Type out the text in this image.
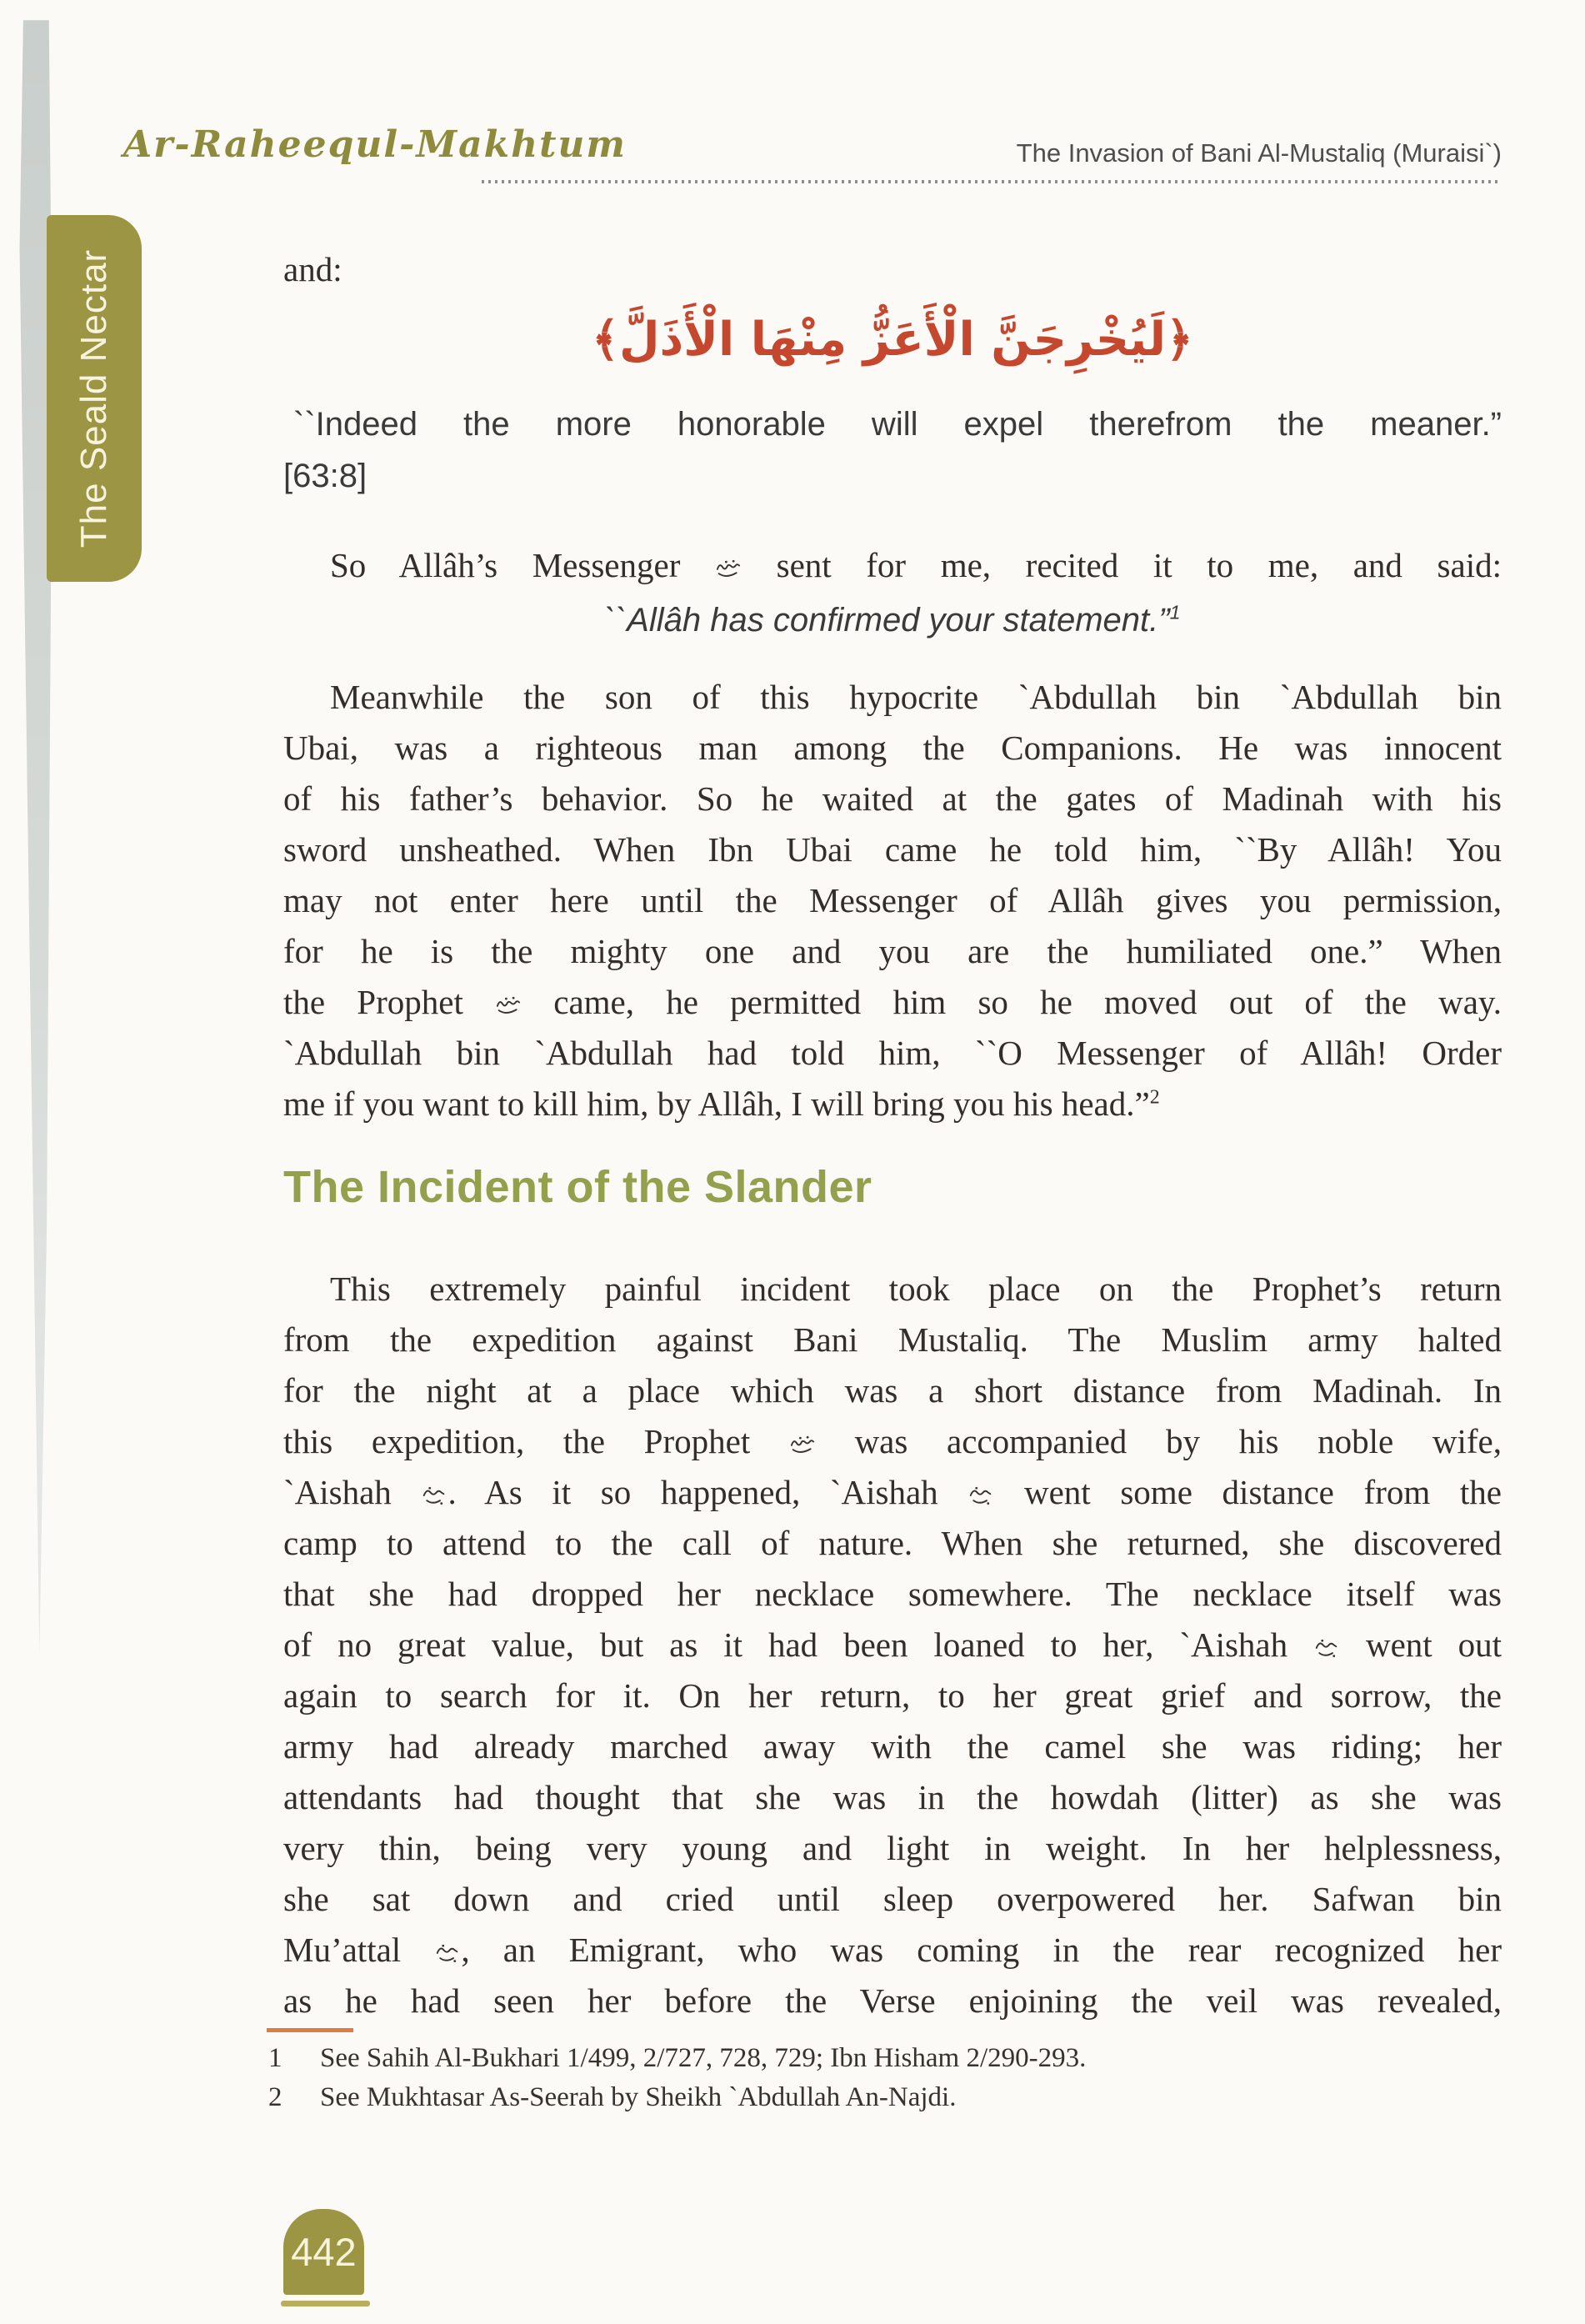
The Seald Nectar
Ar-Raheequl-Makhtum	The Invasion of Bani Al-Mustaliq (Muraisi`)
and:
﴿لَيُخْرِجَنَّ الْأَعَزُّ مِنْهَا الْأَذَلَّ﴾
``Indeed the more honorable will expel therefrom the meaner.”
[63:8]
So Allâh’s Messenger  sent for me, recited it to me, and said:
``Allâh has confirmed your statement.”$^1$
Meanwhile the son of this hypocrite `Abdullah bin `Abdullah bin
Ubai, was a righteous man among the Companions. He was innocent
of his father’s behavior. So he waited at the gates of Madinah with his
sword unsheathed. When Ibn Ubai came he told him, ``By Allâh! You
may not enter here until the Messenger of Allâh gives you permission,
for he is the mighty one and you are the humiliated one.” When
the Prophet  came, he permitted him so he moved out of the way.
`Abdullah bin `Abdullah had told him, ``O Messenger of Allâh! Order
me if you want to kill him, by Allâh, I will bring you his head.”$^2$
The Incident of the Slander
This extremely painful incident took place on the Prophet’s return
from the expedition against Bani Mustaliq. The Muslim army halted
for the night at a place which was a short distance from Madinah. In
this expedition, the Prophet  was accompanied by his noble wife,
`Aishah . As it so happened, `Aishah  went some distance from the
camp to attend to the call of nature. When she returned, she discovered
that she had dropped her necklace somewhere. The necklace itself was
of no great value, but as it had been loaned to her, `Aishah  went out
again to search for it. On her return, to her great grief and sorrow, the
army had already marched away with the camel she was riding; her
attendants had thought that she was in the howdah (litter) as she was
very thin, being very young and light in weight. In her helplessness,
she sat down and cried until sleep overpowered her. Safwan bin
Mu’attal , an Emigrant, who was coming in the rear recognized her
as he had seen her before the Verse enjoining the veil was revealed,
1	See Sahih Al-Bukhari 1/499, 2/727, 728, 729; Ibn Hisham 2/290-293.
2	See Mukhtasar As-Seerah by Sheikh `Abdullah An-Najdi.
442
